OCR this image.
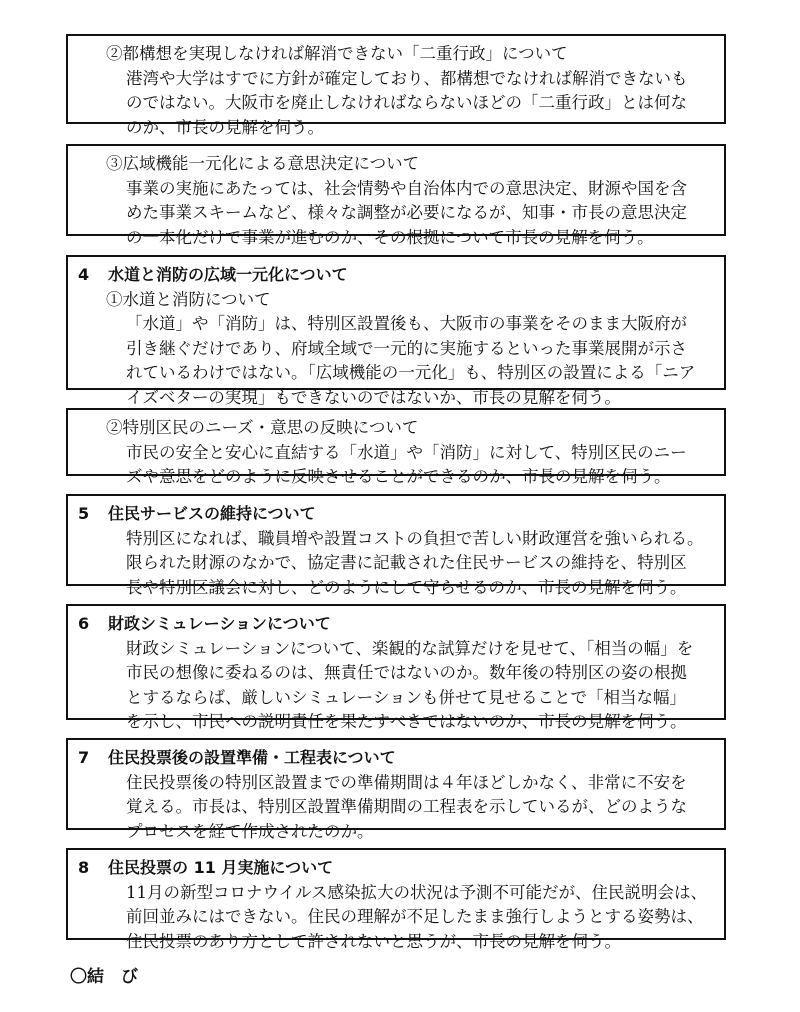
②都構想を実現しなければ解消できない「二重行政」について
港湾や大学はすでに方針が確定しており、都構想でなければ解消できないも
のではない。大阪市を廃止しなければならないほどの「二重行政」とは何な
のか、市長の見解を伺う。
③広域機能一元化による意思決定について
事業の実施にあたっては、社会情勢や自治体内での意思決定、財源や国を含
めた事業スキームなど、様々な調整が必要になるが、知事・市長の意思決定
の一本化だけで事業が進むのか、その根拠について市長の見解を伺う。
4 水道と消防の広域一元化について
①水道と消防について
「水道」や「消防」は、特別区設置後も、大阪市の事業をそのまま大阪府が
引き継ぐだけであり、府域全域で一元的に実施するといった事業展開が示さ
れているわけではない。「広域機能の一元化」も、特別区の設置による「ニア
イズベターの実現」もできないのではないか、市長の見解を伺う。
②特別区民のニーズ・意思の反映について
市民の安全と安心に直結する「水道」や「消防」に対して、特別区民のニー
ズや意思をどのように反映させることができるのか、市長の見解を伺う。
5 住民サービスの維持について
特別区になれば、職員増や設置コストの負担で苦しい財政運営を強いられる。
限られた財源のなかで、協定書に記載された住民サービスの維持を、特別区
長や特別区議会に対し、どのようにして守らせるのか、市長の見解を伺う。
6 財政シミュレーションについて
財政シミュレーションについて、楽観的な試算だけを見せて、「相当の幅」を
市民の想像に委ねるのは、無責任ではないのか。数年後の特別区の姿の根拠
とするならば、厳しいシミュレーションも併せて見せることで「相当な幅」
を示し、市民への説明責任を果たすべきではないのか、市長の見解を伺う。
7 住民投票後の設置準備・工程表について
住民投票後の特別区設置までの準備期間は４年ほどしかなく、非常に不安を
覚える。市長は、特別区設置準備期間の工程表を示しているが、どのような
プロセスを経て作成されたのか。
8 住民投票の 11 月実施について
11月の新型コロナウイルス感染拡大の状況は予測不可能だが、住民説明会は、
前回並みにはできない。住民の理解が不足したまま強行しようとする姿勢は、
住民投票のあり方として許されないと思うが、市長の見解を伺う。
〇結　び
